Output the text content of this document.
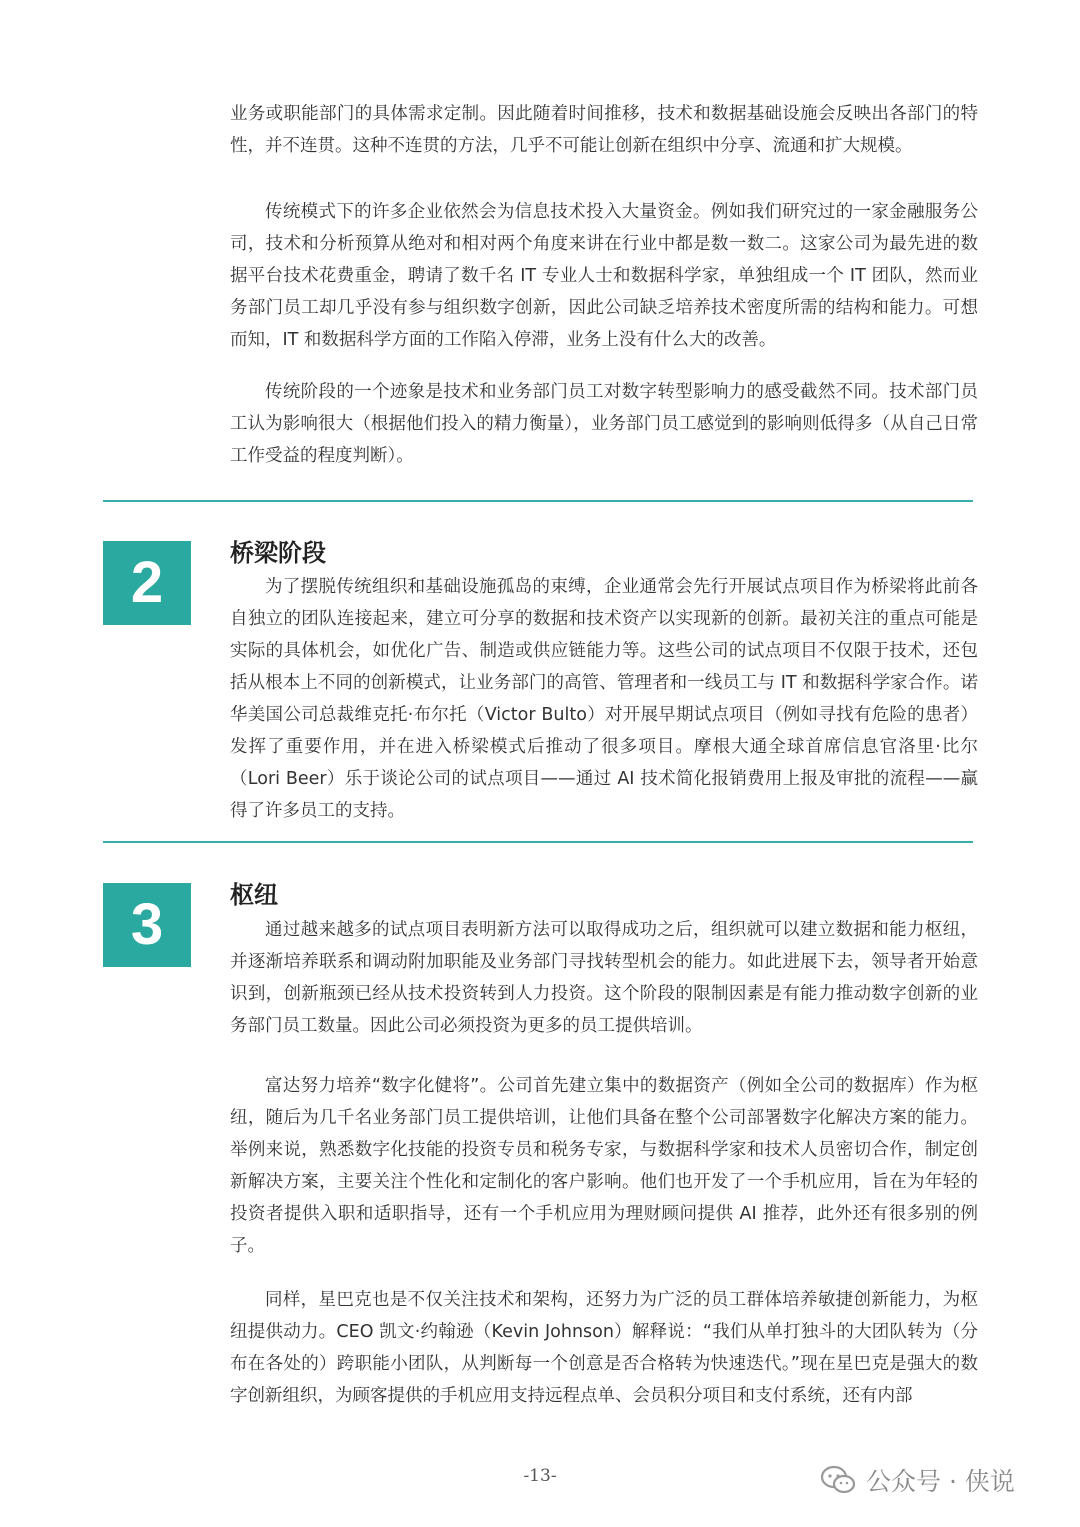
业务或职能部门的具体需求定制。因此随着时间推移，技术和数据基础设施会反映出各部门的特性，并不连贯。这种不连贯的方法，几乎不可能让创新在组织中分享、流通和扩大规模。

传统模式下的许多企业依然会为信息技术投入大量资金。例如我们研究过的一家金融服务公司，技术和分析预算从绝对和相对两个角度来讲在行业中都是数一数二。这家公司为最先进的数据平台技术花费重金，聘请了数千名 IT 专业人士和数据科学家，单独组成一个 IT 团队，然而业务部门员工却几乎没有参与组织数字创新，因此公司缺乏培养技术密度所需的结构和能力。可想而知，IT 和数据科学方面的工作陷入停滞，业务上没有什么大的改善。

传统阶段的一个迹象是技术和业务部门员工对数字转型影响力的感受截然不同。技术部门员工认为影响很大（根据他们投入的精力衡量），业务部门员工感觉到的影响则低得多（从自己日常工作受益的程度判断）。

2	桥梁阶段

为了摆脱传统组织和基础设施孤岛的束缚，企业通常会先行开展试点项目作为桥梁将此前各自独立的团队连接起来，建立可分享的数据和技术资产以实现新的创新。最初关注的重点可能是实际的具体机会，如优化广告、制造或供应链能力等。这些公司的试点项目不仅限于技术，还包括从根本上不同的创新模式，让业务部门的高管、管理者和一线员工与 IT 和数据科学家合作。诺华美国公司总裁维克托·布尔托（Victor Bulto）对开展早期试点项目（例如寻找有危险的患者）发挥了重要作用，并在进入桥梁模式后推动了很多项目。摩根大通全球首席信息官洛里·比尔（Lori Beer）乐于谈论公司的试点项目——通过 AI 技术简化报销费用上报及审批的流程——赢得了许多员工的支持。

3	枢纽

通过越来越多的试点项目表明新方法可以取得成功之后，组织就可以建立数据和能力枢纽，并逐渐培养联系和调动附加职能及业务部门寻找转型机会的能力。如此进展下去，领导者开始意识到，创新瓶颈已经从技术投资转到人力投资。这个阶段的限制因素是有能力推动数字创新的业务部门员工数量。因此公司必须投资为更多的员工提供培训。

富达努力培养“数字化健将”。公司首先建立集中的数据资产（例如全公司的数据库）作为枢纽，随后为几千名业务部门员工提供培训，让他们具备在整个公司部署数字化解决方案的能力。举例来说，熟悉数字化技能的投资专员和税务专家，与数据科学家和技术人员密切合作，制定创新解决方案，主要关注个性化和定制化的客户影响。他们也开发了一个手机应用，旨在为年轻的投资者提供入职和适职指导，还有一个手机应用为理财顾问提供 AI 推荐，此外还有很多别的例子。

同样，星巴克也是不仅关注技术和架构，还努力为广泛的员工群体培养敏捷创新能力，为枢纽提供动力。CEO 凯文·约翰逊（Kevin Johnson）解释说：“我们从单打独斗的大团队转为（分布在各处的）跨职能小团队，从判断每一个创意是否合格转为快速迭代。”现在星巴克是强大的数字创新组织，为顾客提供的手机应用支持远程点单、会员积分项目和支付系统，还有内部

-13-	公众号 · 侠说
